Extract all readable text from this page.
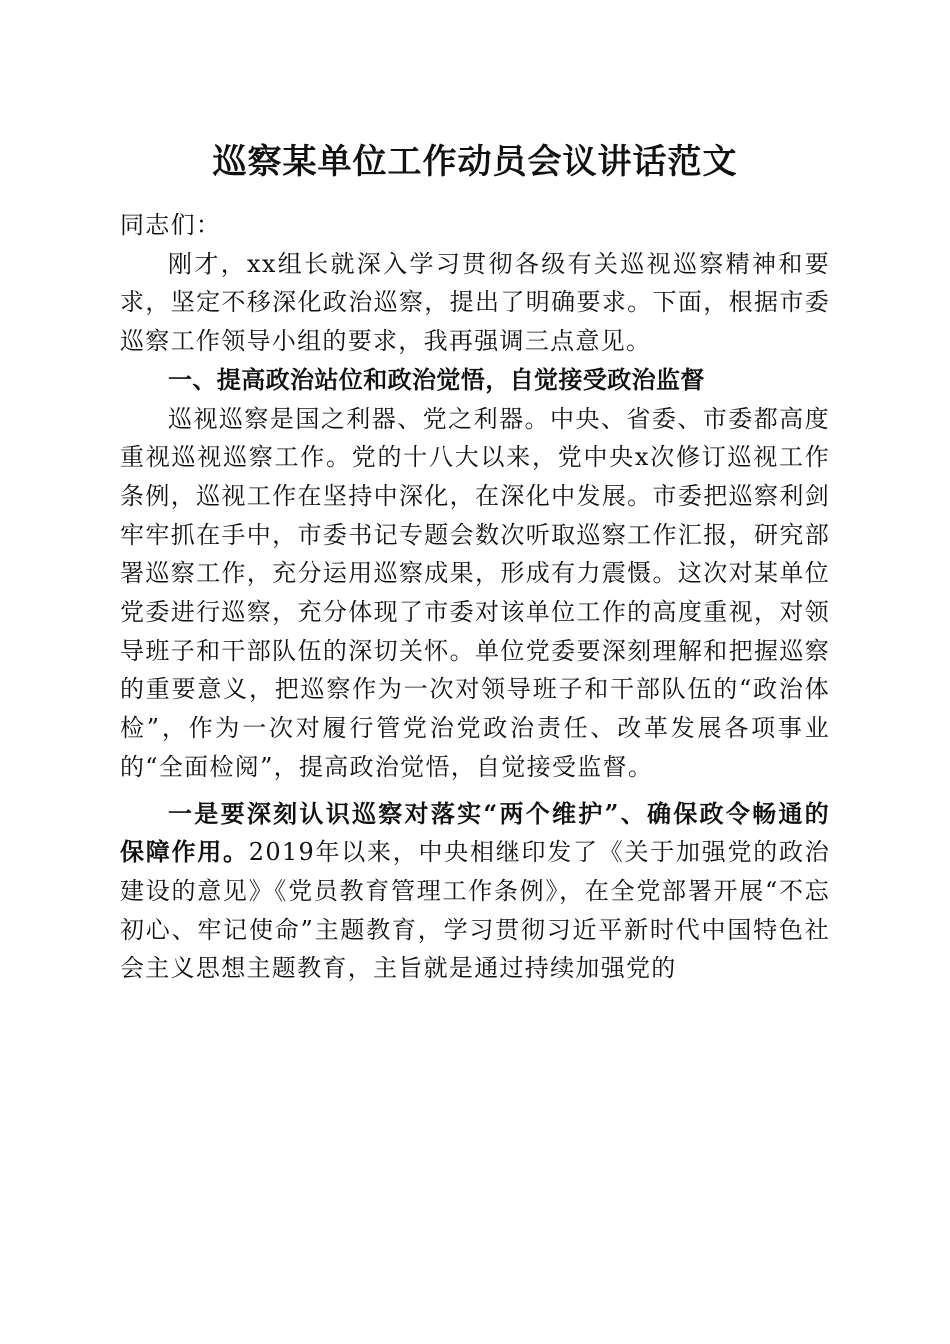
巡察某单位工作动员会议讲话范文

同志们：

刚才，xx组长就深入学习贯彻各级有关巡视巡察精神和要求，坚定不移深化政治巡察，提出了明确要求。下面，根据市委巡察工作领导小组的要求，我再强调三点意见。

一、提高政治站位和政治觉悟，自觉接受政治监督

巡视巡察是国之利器、党之利器。中央、省委、市委都高度重视巡视巡察工作。党的十八大以来，党中央x次修订巡视工作条例，巡视工作在坚持中深化，在深化中发展。市委把巡察利剑牢牢抓在手中，市委书记专题会数次听取巡察工作汇报，研究部署巡察工作，充分运用巡察成果，形成有力震慑。这次对某单位党委进行巡察，充分体现了市委对该单位工作的高度重视，对领导班子和干部队伍的深切关怀。单位党委要深刻理解和把握巡察的重要意义，把巡察作为一次对领导班子和干部队伍的“政治体检”，作为一次对履行管党治党政治责任、改革发展各项事业的“全面检阅”，提高政治觉悟，自觉接受监督。

一是要深刻认识巡察对落实“两个维护”、确保政令畅通的保障作用。2019年以来，中央相继印发了《关于加强党的政治建设的意见》《党员教育管理工作条例》，在全党部署开展“不忘初心、牢记使命”主题教育，学习贯彻习近平新时代中国特色社会主义思想主题教育，主旨就是通过持续加强党的
